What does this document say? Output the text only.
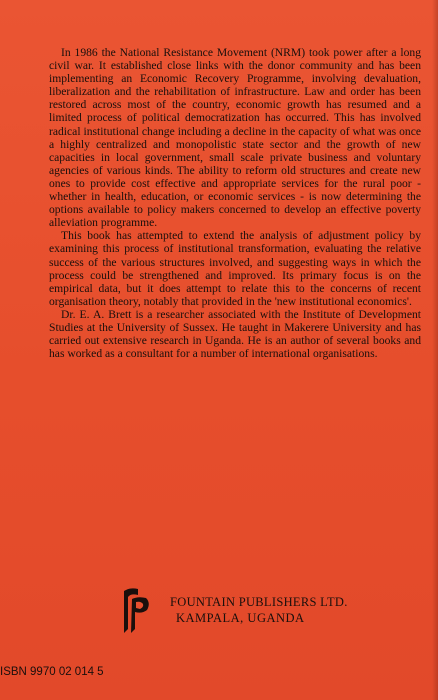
In 1986 the National Resistance Movement (NRM) took power after a long civil war. It established close links with the donor community and has been implementing an Economic Recovery Programme, involving devaluation, liberalization and the rehabilitation of infrastructure. Law and order has been restored across most of the country, economic growth has resumed and a limited process of political democratization has occurred. This has involved radical institutional change including a decline in the capacity of what was once a highly centralized and monopolistic state sector and the growth of new capacities in local government, small scale private business and voluntary agencies of various kinds. The ability to reform old structures and create new ones to provide cost effective and appropriate services for the rural poor - whether in health, education, or economic services - is now determining the options available to policy makers concerned to develop an effective poverty alleviation programme.

This book has attempted to extend the analysis of adjustment policy by examining this process of institutional transformation, evaluating the relative success of the various structures involved, and suggesting ways in which the process could be strengthened and improved. Its primary focus is on the empirical data, but it does attempt to relate this to the concerns of recent organisation theory, notably that provided in the 'new institutional economics'.

Dr. E. A. Brett is a researcher associated with the Institute of Development Studies at the University of Sussex. He taught in Makerere University and has carried out extensive research in Uganda. He is an author of several books and has worked as a consultant for a number of international organisations.

FOUNTAIN PUBLISHERS LTD.
KAMPALA, UGANDA
ISBN 9970 02 014 5
